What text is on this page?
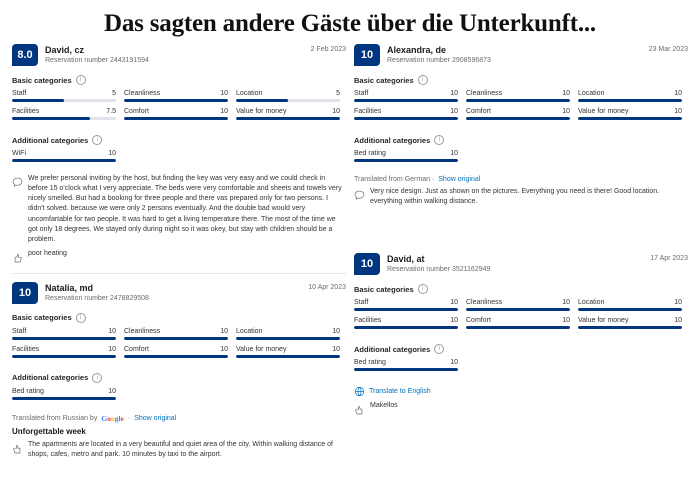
Das sagten andere Gäste über die Unterkunft...
8.0	David, cz
Reservation number 2443191594
2 Feb 2023
Basic categories	i
Staff	5 Cleanliness	10 Location	5
Facilities	7.5 Comfort	10 Value for money	10
Additional categories	i
WiFi	10
We prefer personal inviting by the host, but finding the key was very easy and we could check in before 15 o'clock what I very appreciate. The beds were very comfortable and sheets and towels very nicely smelled. But had a booking for three people and there vas prepared only for two persons. I didn't solved. because we were only 2 persons eventually. And the double bad would very uncomfartable for two people. It was hard to get a living temperature there. The most of the time we got only 18 degrees. We stayed only during night so it was okey, but stay with children should be a problem.
poor heating
10	Natalia, md
Reservation number 2478829508
10 Apr 2023
Basic categories	i
Staff	10 Cleanliness	10 Location	10
Facilities	10 Comfort	10 Value for money	10
Additional categories	i
Bed rating	10
Translated from Russian by Google · Show original
Unforgettable week
The apartments are located in a very beautiful and quiet area of the city. Within walking distance of shops, cafes, metro and park. 10 minutes by taxi to the airport.
10	Alexandra, de
Reservation number 2908596873
23 Mar 2023
Basic categories	i
Staff	10 Cleanliness	10 Location	10
Facilities	10 Comfort	10 Value for money	10
Additional categories	i
Bed rating	10
Translated from German · Show original
Very nice design. Just as shown on the pictures. Everything you need is there! Good location. everything within walking distance.
10	David, at
Reservation number 3521162949
17 Apr 2023
Basic categories	i
Staff	10 Cleanliness	10 Location	10
Facilities	10 Comfort	10 Value for money	10
Additional categories	i
Bed rating	10
Translate to English
Makellos
